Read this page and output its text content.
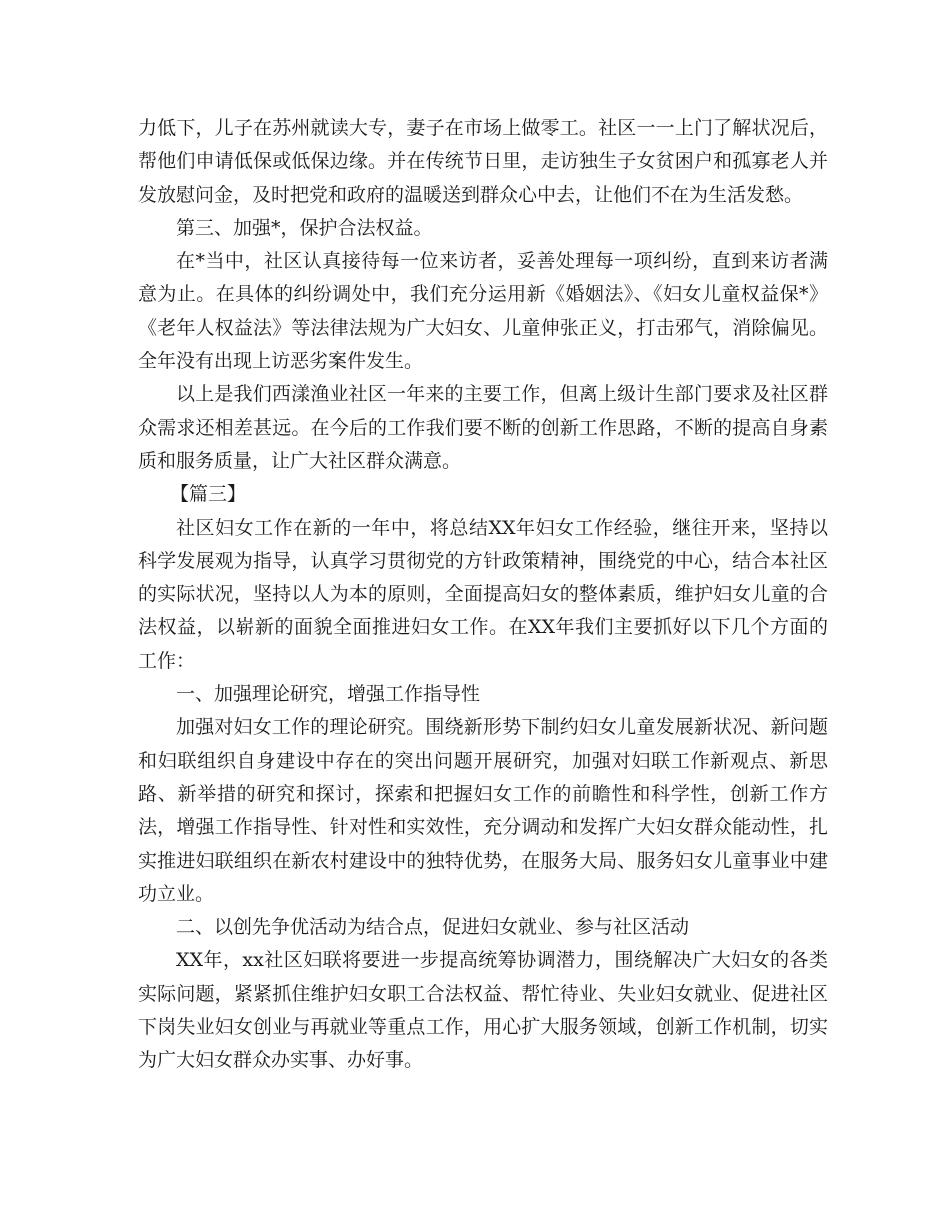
力低下，儿子在苏州就读大专，妻子在市场上做零工。社区一一上门了解状况后，帮他们申请低保或低保边缘。并在传统节日里，走访独生子女贫困户和孤寡老人并发放慰问金，及时把党和政府的温暖送到群众心中去，让他们不在为生活发愁。

第三、加强*，保护合法权益。

在*当中，社区认真接待每一位来访者，妥善处理每一项纠纷，直到来访者满意为止。在具体的纠纷调处中，我们充分运用新《婚姻法》、《妇女儿童权益保*》《老年人权益法》等法律法规为广大妇女、儿童伸张正义，打击邪气，消除偏见。全年没有出现上访恶劣案件发生。

以上是我们西漾渔业社区一年来的主要工作，但离上级计生部门要求及社区群众需求还相差甚远。在今后的工作我们要不断的创新工作思路，不断的提高自身素质和服务质量，让广大社区群众满意。

【篇三】

社区妇女工作在新的一年中，将总结XX年妇女工作经验，继往开来，坚持以科学发展观为指导，认真学习贯彻党的方针政策精神，围绕党的中心，结合本社区的实际状况，坚持以人为本的原则，全面提高妇女的整体素质，维护妇女儿童的合法权益，以崭新的面貌全面推进妇女工作。在XX年我们主要抓好以下几个方面的工作：

一、加强理论研究，增强工作指导性

加强对妇女工作的理论研究。围绕新形势下制约妇女儿童发展新状况、新问题和妇联组织自身建设中存在的突出问题开展研究，加强对妇联工作新观点、新思路、新举措的研究和探讨，探索和把握妇女工作的前瞻性和科学性，创新工作方法，增强工作指导性、针对性和实效性，充分调动和发挥广大妇女群众能动性，扎实推进妇联组织在新农村建设中的独特优势，在服务大局、服务妇女儿童事业中建功立业。

二、以创先争优活动为结合点，促进妇女就业、参与社区活动

XX年，xx社区妇联将要进一步提高统筹协调潜力，围绕解决广大妇女的各类实际问题，紧紧抓住维护妇女职工合法权益、帮忙待业、失业妇女就业、促进社区下岗失业妇女创业与再就业等重点工作，用心扩大服务领域，创新工作机制，切实为广大妇女群众办实事、办好事。
